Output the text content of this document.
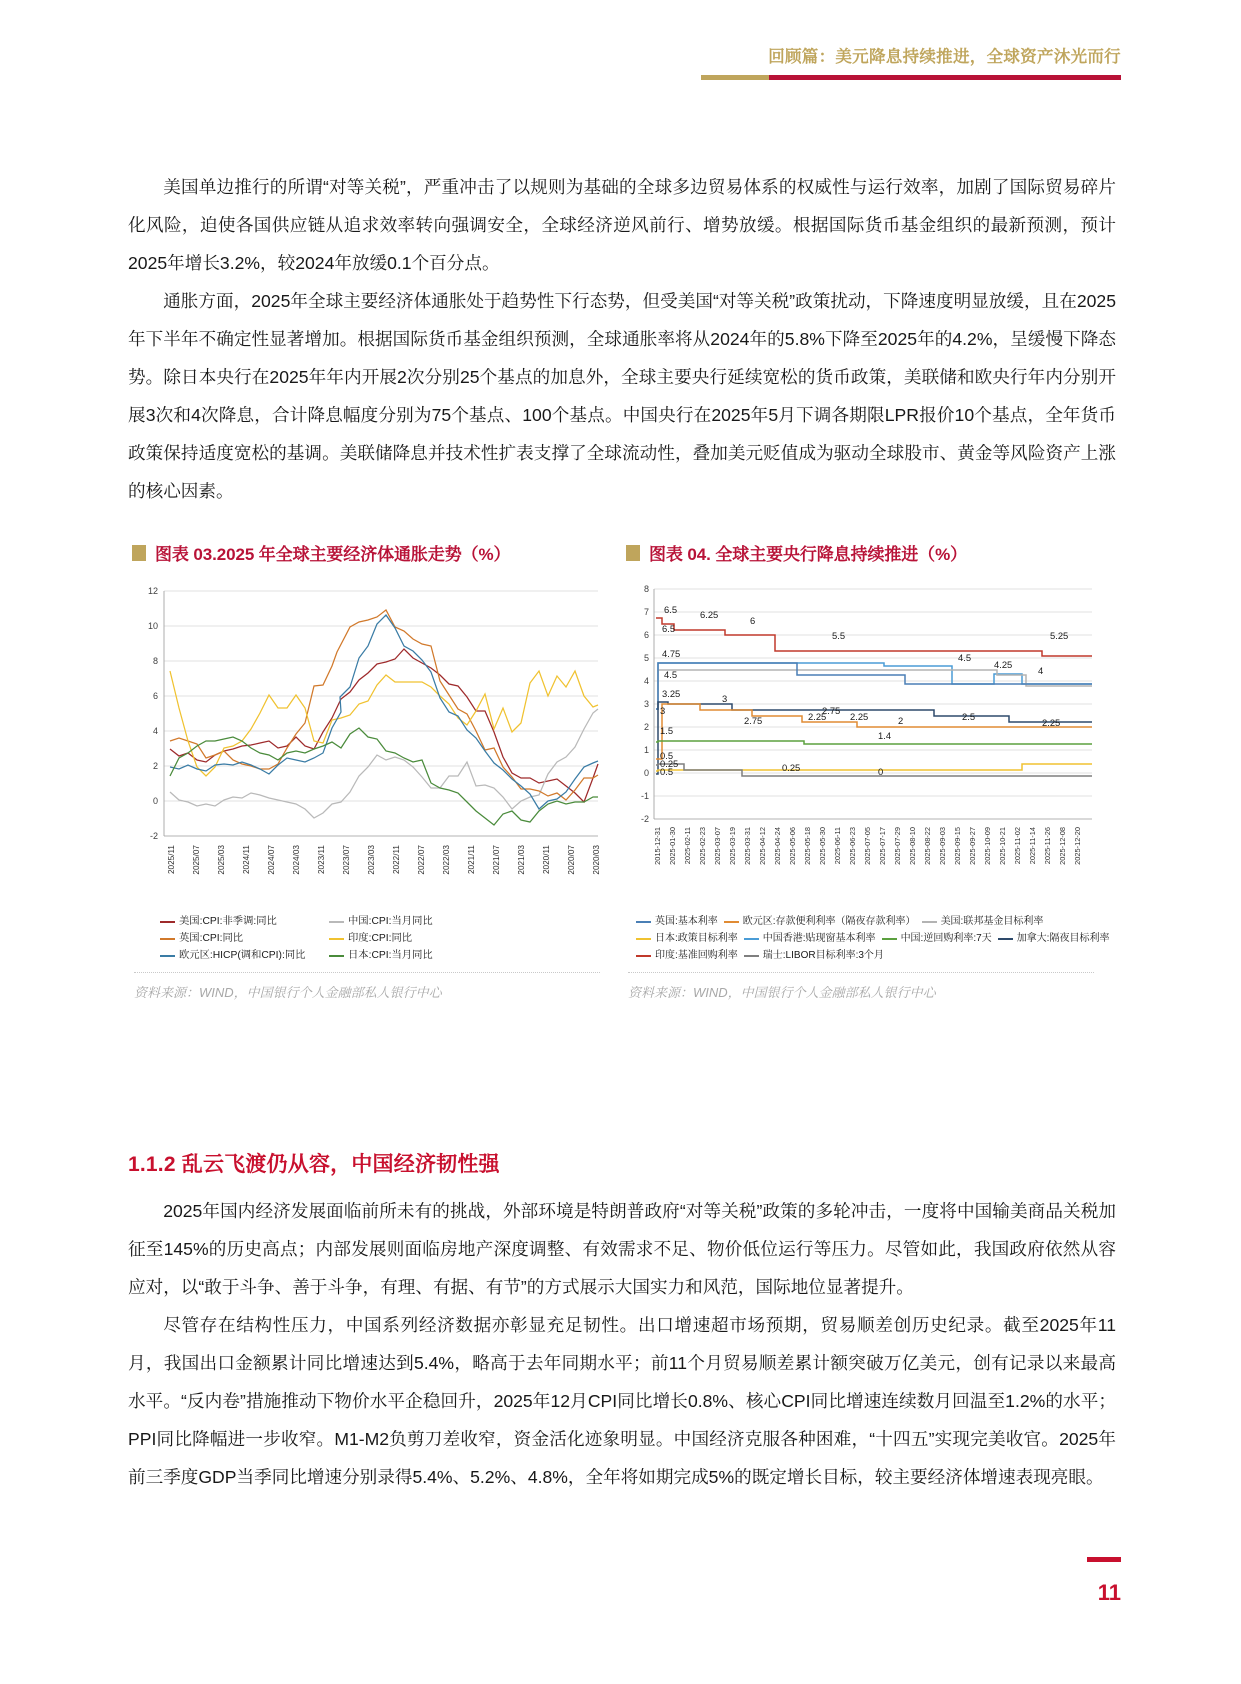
回顾篇：美元降息持续推进，全球资产沐光而行

美国单边推行的所谓“对等关税”，严重冲击了以规则为基础的全球多边贸易体系的权威性与运行效率，加剧了国际贸易碎片化风险，迫使各国供应链从追求效率转向强调安全，全球经济逆风前行、增势放缓。根据国际货币基金组织的最新预测，预计2025年增长3.2%，较2024年放缓0.1个百分点。

通胀方面，2025年全球主要经济体通胀处于趋势性下行态势，但受美国“对等关税”政策扰动，下降速度明显放缓，且在2025年下半年不确定性显著增加。根据国际货币基金组织预测，全球通胀率将从2024年的5.8%下降至2025年的4.2%，呈缓慢下降态势。除日本央行在2025年年内开展2次分别25个基点的加息外，全球主要央行延续宽松的货币政策，美联储和欧央行年内分别开展3次和4次降息，合计降息幅度分别为75个基点、100个基点。中国央行在2025年5月下调各期限LPR报价10个基点，全年货币政策保持适度宽松的基调。美联储降息并技术性扩表支撑了全球流动性，叠加美元贬值成为驱动全球股市、黄金等风险资产上涨的核心因素。

图表 03.2025 年全球主要经济体通胀走势（%）
12
10
8
6
4
2
0
-2
2025/11 2025/07 2025/03 2024/11 2024/07 2024/03 2023/11 2023/07 2023/03 2022/11 2022/07 2022/03 2021/11 2021/07 2021/03 2020/11 2020/07 2020/03
美国:CPI:非季调:同比	中国:CPI:当月同比
英国:CPI:同比	印度:CPI:同比
欧元区:HICP(调和CPI):同比	日本:CPI:当月同比
资料来源：WIND，中国银行个人金融部私人银行中心
图表 04. 全球主要央行降息持续推进（%）
8
7
6
5
4
3
2
1
0
-1
-2
6.5
6.5
6.25
6
5.5	5.25
4.75
4.5
4.5
4.25
4
3.25
3
3
2.75
2.75
2.25	2.25	2.5
2.25
1.5
2
1.4
0.5
0.25
0.5	0.25	0
2015-12-31 2025-01-30 2025-02-11 2025-02-23 2025-03-07 2025-03-19 2025-03-31 2025-04-12 2025-04-24 2025-05-06 2025-05-18 2025-05-30 2025-06-11 2025-06-23 2025-07-05 2025-07-17 2025-07-29 2025-08-10 2025-08-22 2025-09-03 2025-09-15 2025-09-27 2025-10-09 2025-10-21 2025-11-02 2025-11-14 2025-11-26 2025-12-08 2025-12-20
英国:基本利率	欧元区:存款便利利率（隔夜存款利率）	美国:联邦基金目标利率
日本:政策目标利率	中国香港:贴现窗基本利率	中国:逆回购利率:7天	加拿大:隔夜目标利率
印度:基准回购利率	瑞士:LIBOR目标利率:3个月
资料来源：WIND，中国银行个人金融部私人银行中心
1.1.2 乱云飞渡仍从容，中国经济韧性强

2025年国内经济发展面临前所未有的挑战，外部环境是特朗普政府“对等关税”政策的多轮冲击，一度将中国输美商品关税加征至145%的历史高点；内部发展则面临房地产深度调整、有效需求不足、物价低位运行等压力。尽管如此，我国政府依然从容应对，以“敢于斗争、善于斗争，有理、有据、有节”的方式展示大国实力和风范，国际地位显著提升。

尽管存在结构性压力，中国系列经济数据亦彰显充足韧性。出口增速超市场预期，贸易顺差创历史纪录。截至2025年11月，我国出口金额累计同比增速达到5.4%，略高于去年同期水平；前11个月贸易顺差累计额突破万亿美元，创有记录以来最高水平。“反内卷”措施推动下物价水平企稳回升，2025年12月CPI同比增长0.8%、核心CPI同比增速连续数月回温至1.2%的水平；PPI同比降幅进一步收窄。M1-M2负剪刀差收窄，资金活化迹象明显。中国经济克服各种困难，“十四五”实现完美收官。2025年前三季度GDP当季同比增速分别录得5.4%、5.2%、4.8%，全年将如期完成5%的既定增长目标，较主要经济体增速表现亮眼。

11
